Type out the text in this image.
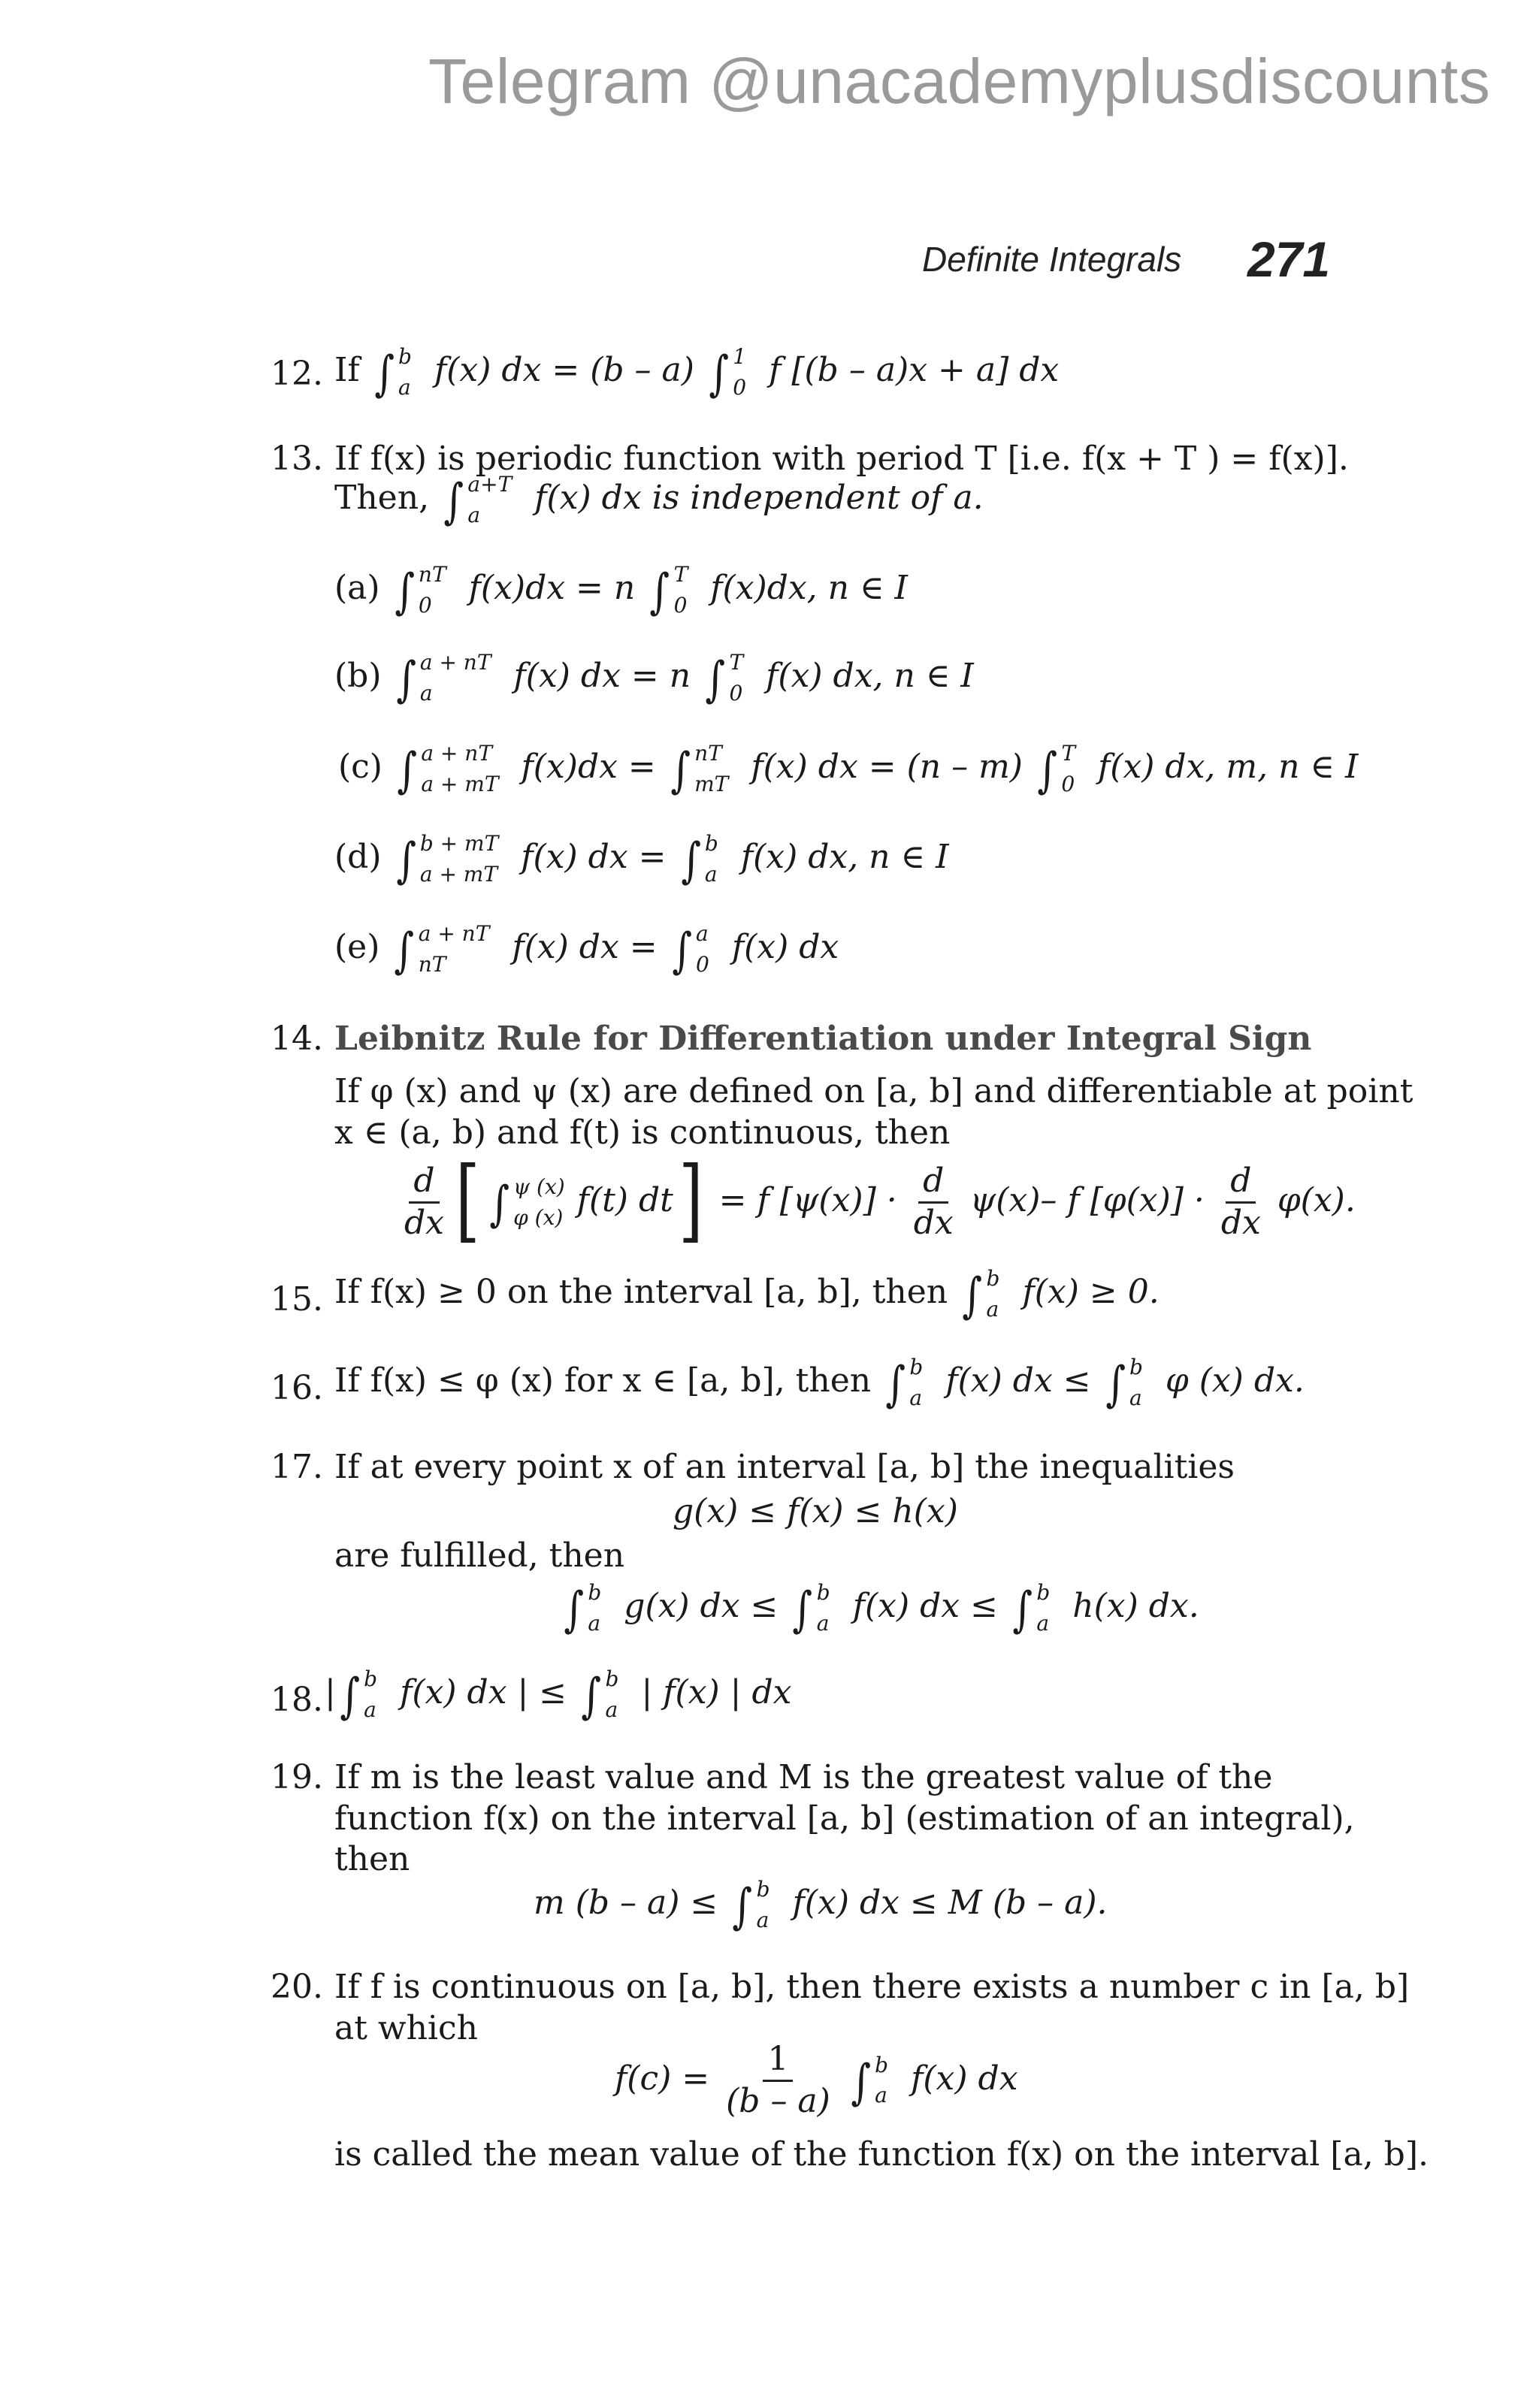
Telegram @unacademyplusdiscounts
Definite Integrals 271
12. If ∫ b
a f(x) dx = (b – a) ∫ 1
0 f [(b – a)x + a] dx
13. If f(x) is periodic function with period T [i.e. f(x + T ) = f(x)].
Then, ∫ a+T
a	f(x) dx is independent of a.
(a) ∫ nT
0	f(x)dx = n ∫ T
0 f(x)dx, n ∈ I
(b) ∫ a + nT
a	f(x) dx = n ∫ T
0 f(x) dx, n ∈ I
(c) ∫ a + nT
a + mT f(x)dx = ∫ nT
mT f(x) dx = (n – m) ∫ T
0 f(x) dx, m, n ∈ I
(d) ∫ b + mT
a + mT f(x) dx = ∫ b
a f(x) dx, n ∈ I
(e) ∫ a + nT
nT	f(x) dx = ∫ a
0 f(x) dx
14. Leibnitz Rule for Differentiation under Integral Sign
If φ (x) and ψ (x) are defined on [a, b] and differentiable at point
x ∈ (a, b) and f(t) is continuous, then
$\frac{d}{dx}$ [ ∫ ψ (x)
φ (x) f(t) dt] = f $[\psi(x)] \cdot \frac{d}{dx} \psi(x)-$ f $[\varphi(x)] \cdot \frac{d}{dx} \varphi(x)$.
15. If f(x) ≥ 0 on the interval [a, b], then ∫ b
a f(x) ≥ 0.
16. If f(x) ≤ φ (x) for x ∈ [a, b], then ∫ b
a f(x) dx ≤ ∫ b
a φ (x) dx.
17. If at every point x of an interval [a, b] the inequalities
g(x) ≤ f(x) ≤ h(x)
are fulfilled, then
∫ b
a g(x) dx ≤ ∫ b
a f(x) dx ≤ ∫ b
a h(x) dx.
18. |∫ b
a f(x) dx | ≤ ∫ b
a | f(x) | dx
19. If m is the least value and M is the greatest value of the
function f(x) on the interval [a, b] (estimation of an integral),
then
m (b – a) ≤ ∫ b
a f(x) dx ≤ M (b – a).
20. If f is continuous on [a, b], then there exists a number c in [a, b]
at which
$f(c) = \frac{1}{(b - a)}$ ∫ b
a f(x) dx
is called the mean value of the function f(x) on the interval [a, b].
